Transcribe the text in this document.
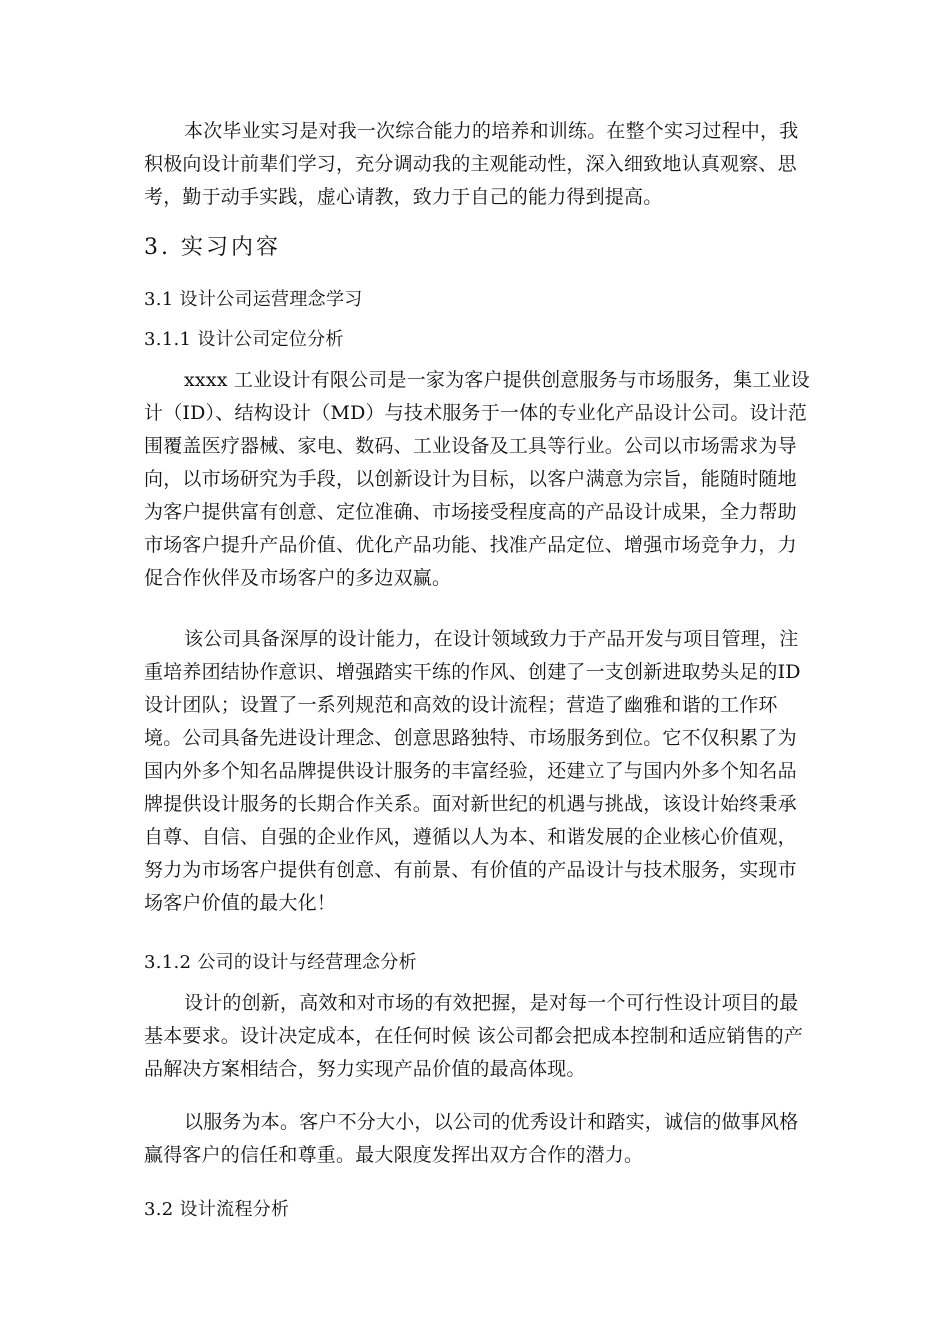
本次毕业实习是对我一次综合能力的培养和训练。在整个实习过程中，我积极向设计前辈们学习，充分调动我的主观能动性，深入细致地认真观察、思考，勤于动手实践，虚心请教，致力于自己的能力得到提高。

3. 实习内容
3.1 设计公司运营理念学习
3.1.1 设计公司定位分析

xxxx 工业设计有限公司是一家为客户提供创意服务与市场服务，集工业设计（ID）、结构设计（MD）与技术服务于一体的专业化产品设计公司。设计范围覆盖医疗器械、家电、数码、工业设备及工具等行业。公司以市场需求为导向，以市场研究为手段，以创新设计为目标，以客户满意为宗旨，能随时随地为客户提供富有创意、定位准确、市场接受程度高的产品设计成果，全力帮助市场客户提升产品价值、优化产品功能、找准产品定位、增强市场竞争力，力促合作伙伴及市场客户的多边双赢。

该公司具备深厚的设计能力，在设计领域致力于产品开发与项目管理，注重培养团结协作意识、增强踏实干练的作风、创建了一支创新进取势头足的ID设计团队；设置了一系列规范和高效的设计流程；营造了幽雅和谐的工作环境。公司具备先进设计理念、创意思路独特、市场服务到位。它不仅积累了为国内外多个知名品牌提供设计服务的丰富经验，还建立了与国内外多个知名品牌提供设计服务的长期合作关系。面对新世纪的机遇与挑战，该设计始终秉承自尊、自信、自强的企业作风，遵循以人为本、和谐发展的企业核心价值观，努力为市场客户提供有创意、有前景、有价值的产品设计与技术服务，实现市场客户价值的最大化！

3.1.2 公司的设计与经营理念分析

设计的创新，高效和对市场的有效把握，是对每一个可行性设计项目的最基本要求。设计决定成本，在任何时候 该公司都会把成本控制和适应销售的产品解决方案相结合，努力实现产品价值的最高体现。

以服务为本。客户不分大小，以公司的优秀设计和踏实，诚信的做事风格赢得客户的信任和尊重。最大限度发挥出双方合作的潜力。

3.2 设计流程分析
